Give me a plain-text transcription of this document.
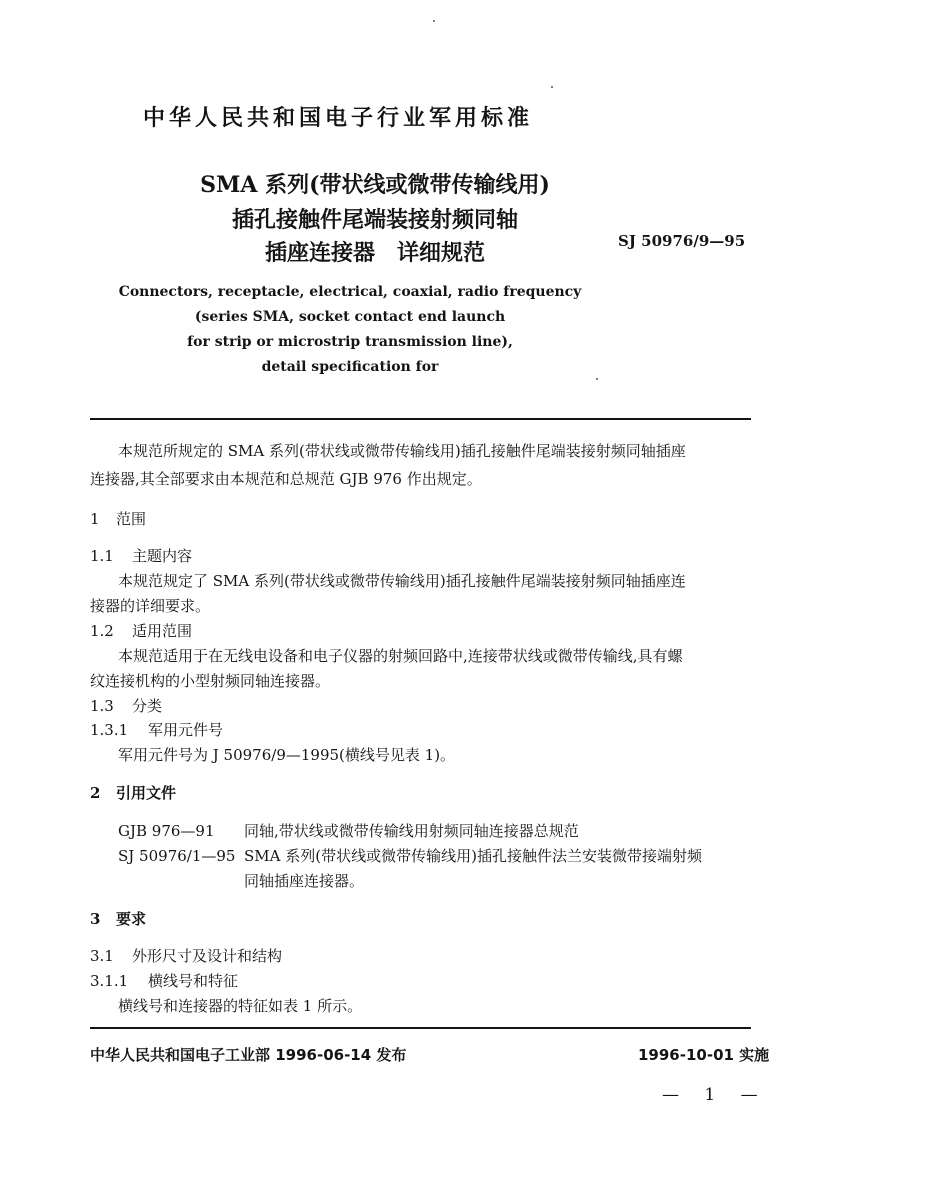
中华人民共和国电子行业军用标准
SMA 系列(带状线或微带传输线用)
插孔接触件尾端装接射频同轴
插座连接器　详细规范	SJ 50976/9—95
Connectors, receptacle, electrical, coaxial, radio frequency
(series SMA, socket contact end launch
for strip or microstrip transmission line),
detail specification for
本规范所规定的 SMA 系列(带状线或微带传输线用)插孔接触件尾端装接射频同轴插座
连接器,其全部要求由本规范和总规范 GJB 976 作出规定。
1 范围
1.1 主题内容
本规范规定了 SMA 系列(带状线或微带传输线用)插孔接触件尾端装接射频同轴插座连
接器的详细要求。
1.2 适用范围
本规范适用于在无线电设备和电子仪器的射频回路中,连接带状线或微带传输线,具有螺
纹连接机构的小型射频同轴连接器。
1.3 分类
1.3.1 军用元件号
军用元件号为 J 50976/9—1995(横线号见表 1)。
2 引用文件
GJB 976—91 同轴,带状线或微带传输线用射频同轴连接器总规范
SJ 50976/1—95 SMA 系列(带状线或微带传输线用)插孔接触件法兰安装微带接端射频
同轴插座连接器。
3 要求
3.1 外形尺寸及设计和结构
3.1.1 横线号和特征
横线号和连接器的特征如表 1 所示。
中华人民共和国电子工业部 1996-06-14 发布	1996-10-01 实施
— 1 —
